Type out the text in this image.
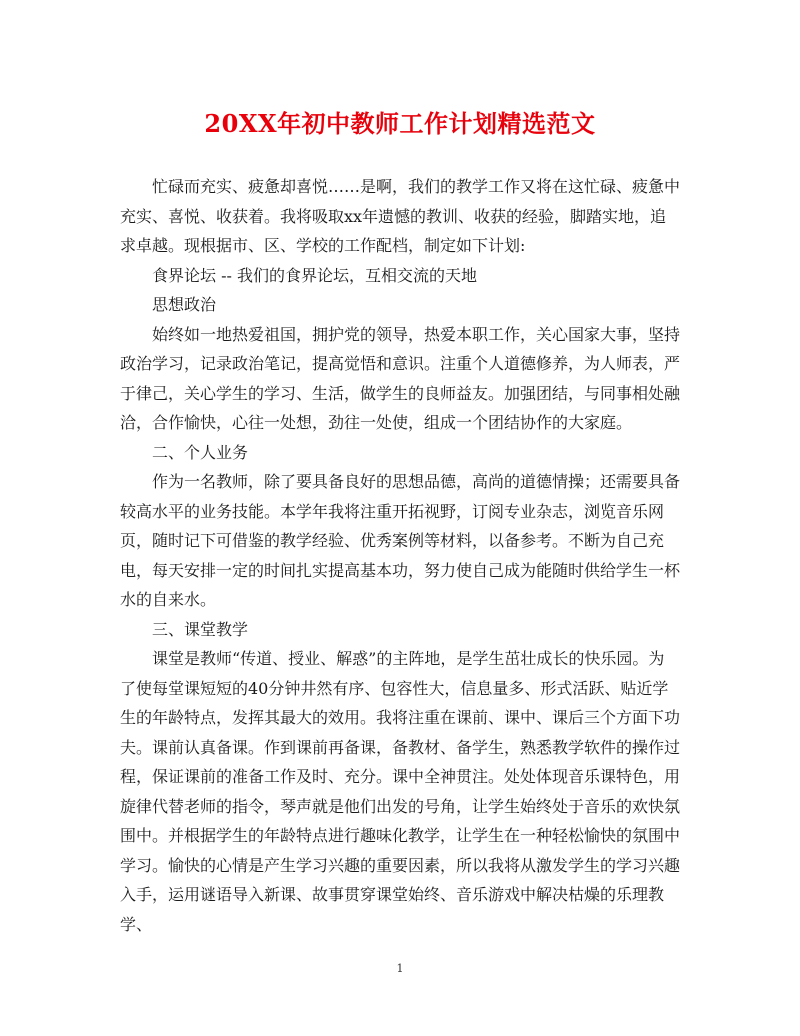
20XX年初中教师工作计划精选范文

忙碌而充实、疲惫却喜悦……是啊，我们的教学工作又将在这忙碌、疲惫中充实、喜悦、收获着。我将吸取xx年遗憾的教训、收获的经验，脚踏实地，追求卓越。现根据市、区、学校的工作配档，制定如下计划:

食界论坛 -- 我们的食界论坛，互相交流的天地

思想政治

始终如一地热爱祖国，拥护党的领导，热爱本职工作，关心国家大事，坚持政治学习，记录政治笔记，提高觉悟和意识。注重个人道德修养，为人师表，严于律己，关心学生的学习、生活，做学生的良师益友。加强团结，与同事相处融洽，合作愉快，心往一处想，劲往一处使，组成一个团结协作的大家庭。

二、个人业务

作为一名教师，除了要具备良好的思想品德，高尚的道德情操；还需要具备较高水平的业务技能。本学年我将注重开拓视野，订阅专业杂志，浏览音乐网页，随时记下可借鉴的教学经验、优秀案例等材料，以备参考。不断为自己充电，每天安排一定的时间扎实提高基本功，努力使自己成为能随时供给学生一杯水的自来水。

三、课堂教学

课堂是教师“传道、授业、解惑”的主阵地，是学生茁壮成长的快乐园。为了使每堂课短短的40分钟井然有序、包容性大，信息量多、形式活跃、贴近学生的年龄特点，发挥其最大的效用。我将注重在课前、课中、课后三个方面下功夫。课前认真备课。作到课前再备课，备教材、备学生，熟悉教学软件的操作过程，保证课前的准备工作及时、充分。课中全神贯注。处处体现音乐课特色，用旋律代替老师的指令，琴声就是他们出发的号角，让学生始终处于音乐的欢快氛围中。并根据学生的年龄特点进行趣味化教学，让学生在一种轻松愉快的氛围中学习。愉快的心情是产生学习兴趣的重要因素，所以我将从激发学生的学习兴趣入手，运用谜语导入新课、故事贯穿课堂始终、音乐游戏中解决枯燥的乐理教学、

1
